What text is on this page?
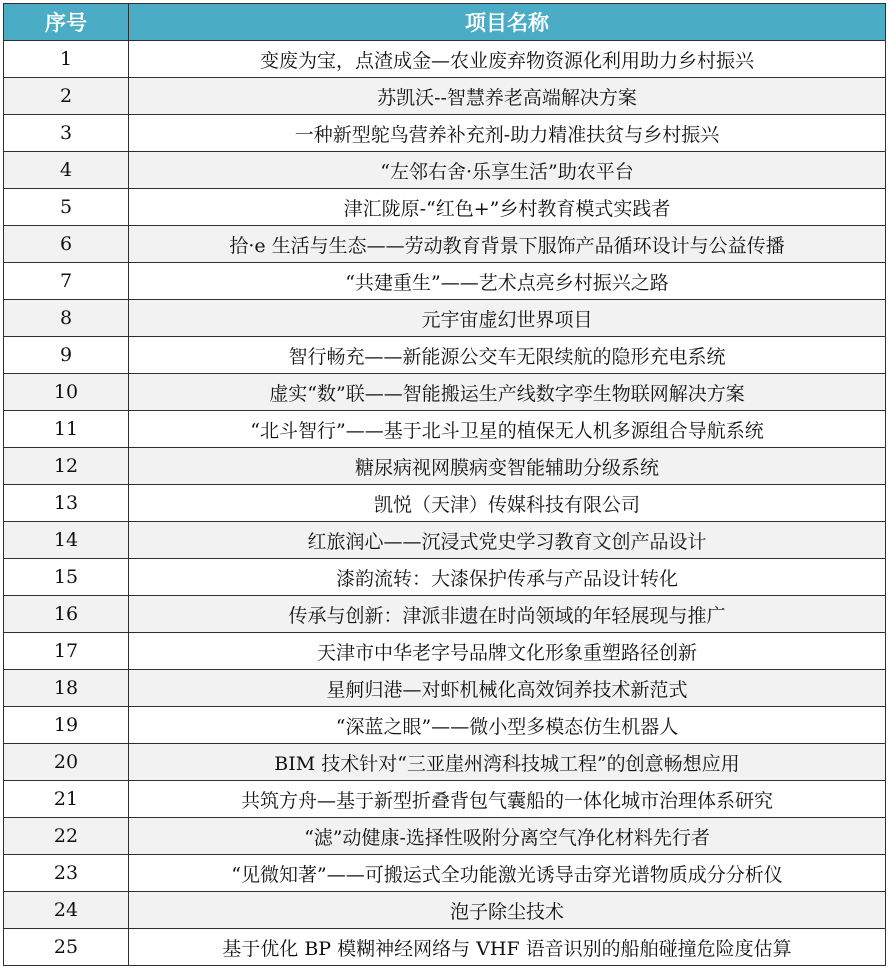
序号	项目名称
1	变废为宝，点渣成金—农业废弃物资源化利用助力乡村振兴
2	苏凯沃--智慧养老高端解决方案
3	一种新型鸵鸟营养补充剂-助力精准扶贫与乡村振兴
4	“左邻右舍·乐享生活”助农平台
5	津汇陇原-“红色+”乡村教育模式实践者
6	拾·e 生活与生态——劳动教育背景下服饰产品循环设计与公益传播
7	“共建重生”——艺术点亮乡村振兴之路
8	元宇宙虚幻世界项目
9	智行畅充——新能源公交车无限续航的隐形充电系统
10	虚实“数”联——智能搬运生产线数字孪生物联网解决方案
11	“北斗智行”——基于北斗卫星的植保无人机多源组合导航系统
12	糖尿病视网膜病变智能辅助分级系统
13	凯悦（天津）传媒科技有限公司
14	红旅润心——沉浸式党史学习教育文创产品设计
15	漆韵流转：大漆保护传承与产品设计转化
16	传承与创新：津派非遗在时尚领域的年轻展现与推广
17	天津市中华老字号品牌文化形象重塑路径创新
18	星舸归港—对虾机械化高效饲养技术新范式
19	“深蓝之眼”——微小型多模态仿生机器人
20	BIM 技术针对“三亚崖州湾科技城工程”的创意畅想应用
21	共筑方舟—基于新型折叠背包气囊船的一体化城市治理体系研究
22	“滤”动健康-选择性吸附分离空气净化材料先行者
23	“见微知著”——可搬运式全功能激光诱导击穿光谱物质成分分析仪
24	泡子除尘技术
25	基于优化 BP 模糊神经网络与 VHF 语音识别的船舶碰撞危险度估算
